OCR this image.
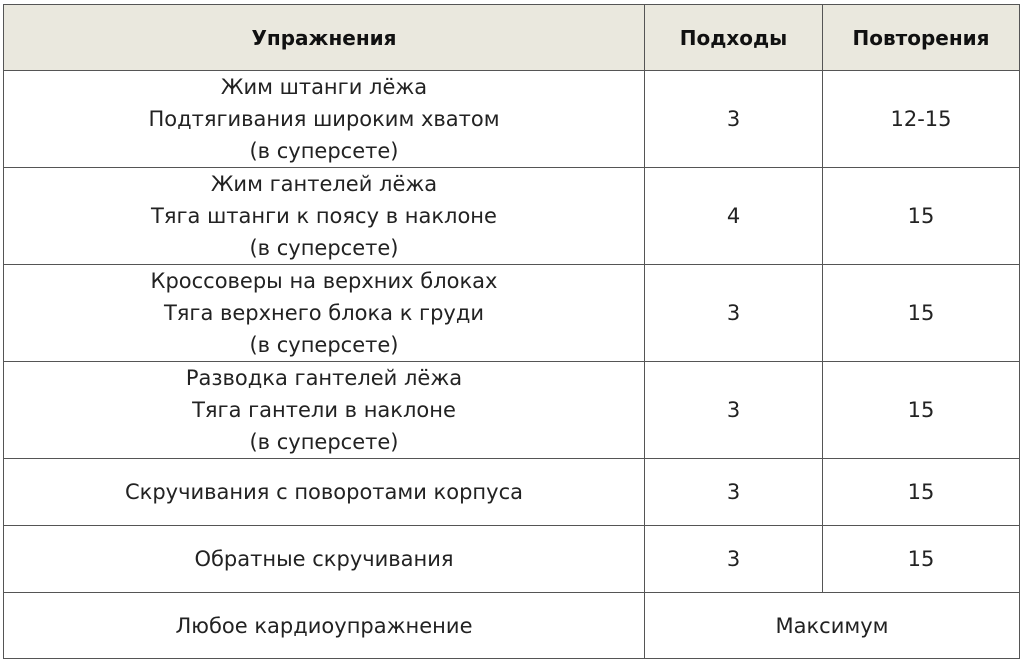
Упражнения	Подходы	Повторения

Жим штанги лёжа
Подтягивания широким хватом
(в суперсете)	3	12-15

Жим гантелей лёжа
Тяга штанги к поясу в наклоне
(в суперсете)	4	15

Кроссоверы на верхних блоках
Тяга верхнего блока к груди
(в суперсете)	3	15

Разводка гантелей лёжа
Тяга гантели в наклоне
(в суперсете)	3	15

Скручивания с поворотами корпуса	3	15

Обратные скручивания	3	15
Любое кардиоупражнение	Максимум	
